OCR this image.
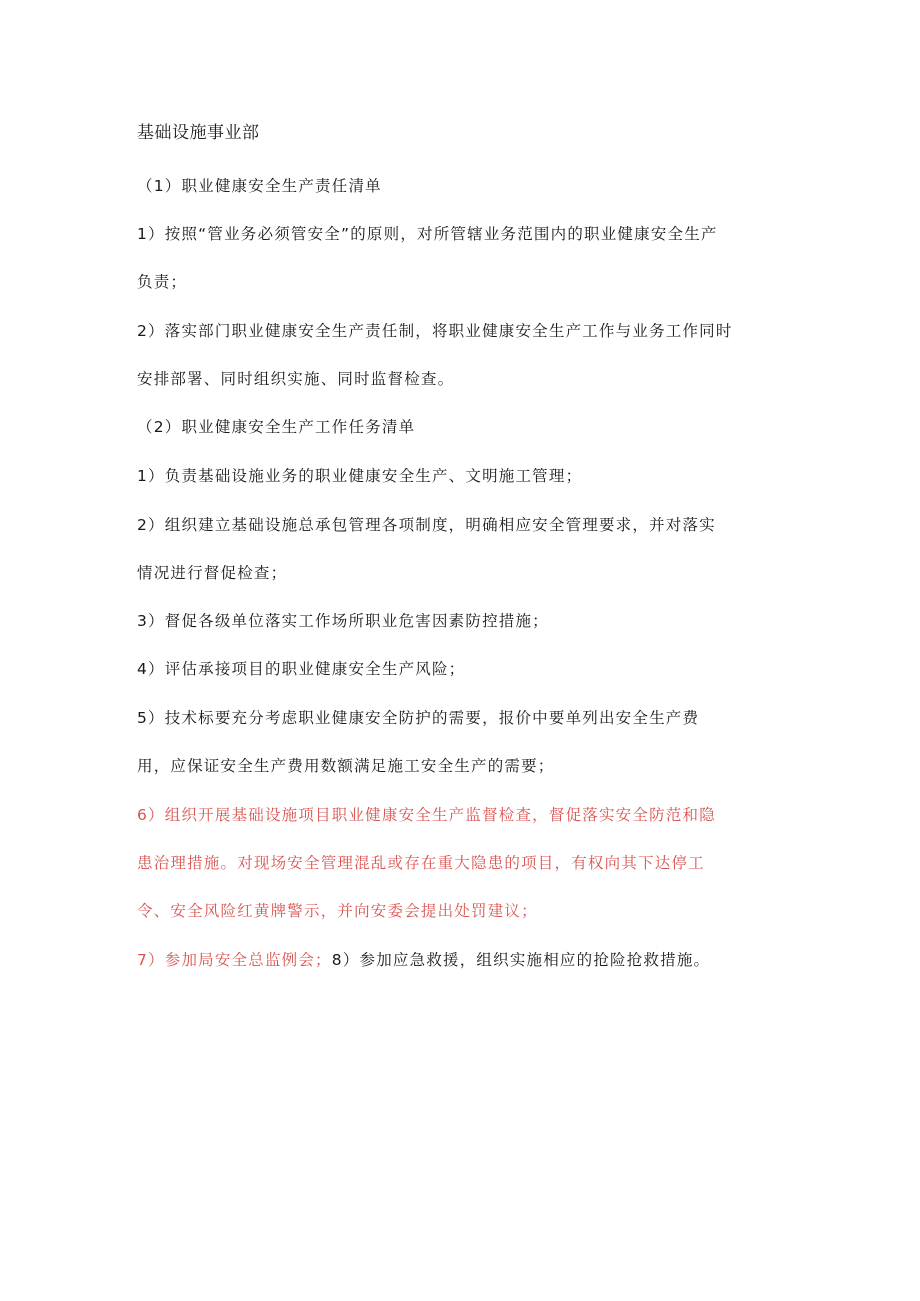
基础设施事业部
（1）职业健康安全生产责任清单
1）按照“管业务必须管安全”的原则，对所管辖业务范围内的职业健康安全生产
负责；
2）落实部门职业健康安全生产责任制，将职业健康安全生产工作与业务工作同时
安排部署、同时组织实施、同时监督检查。
（2）职业健康安全生产工作任务清单
1）负责基础设施业务的职业健康安全生产、文明施工管理；
2）组织建立基础设施总承包管理各项制度，明确相应安全管理要求，并对落实
情况进行督促检查；
3）督促各级单位落实工作场所职业危害因素防控措施；
4）评估承接项目的职业健康安全生产风险；
5）技术标要充分考虑职业健康安全防护的需要，报价中要单列出安全生产费
用，应保证安全生产费用数额满足施工安全生产的需要；
6）组织开展基础设施项目职业健康安全生产监督检查，督促落实安全防范和隐
患治理措施。对现场安全管理混乱或存在重大隐患的项目，有权向其下达停工
令、安全风险红黄牌警示，并向安委会提出处罚建议；
7）参加局安全总监例会；8）参加应急救援，组织实施相应的抢险抢救措施。
